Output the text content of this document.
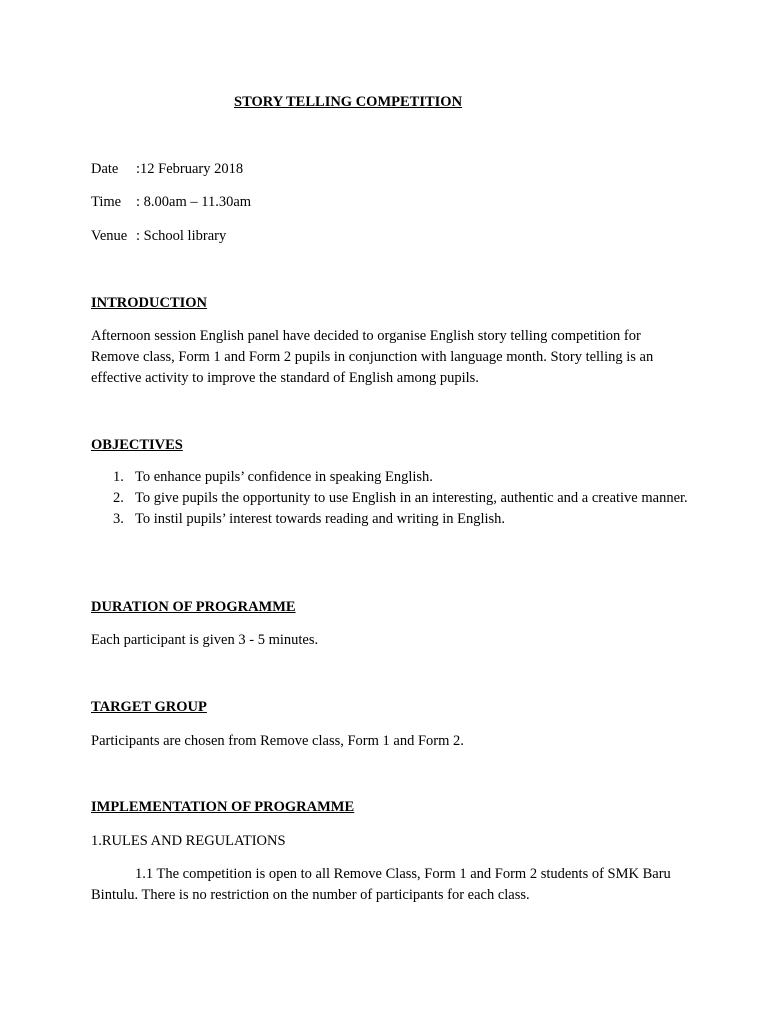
STORY TELLING COMPETITION
Date	:12 February 2018
Time	: 8.00am – 11.30am
Venue : School library
INTRODUCTION
Afternoon session English panel have decided to organise English story telling competition for Remove class, Form 1 and Form 2 pupils in conjunction with language month. Story telling is an effective activity to improve the standard of English among pupils.
OBJECTIVES
1. To enhance pupils’ confidence in speaking English.
2. To give pupils the opportunity to use English in an interesting, authentic and a creative manner.
3. To instil pupils’ interest towards reading and writing in English.
DURATION OF PROGRAMME
Each participant is given 3 - 5 minutes.
TARGET GROUP
Participants are chosen from Remove class, Form 1 and Form 2.
IMPLEMENTATION OF PROGRAMME
1.RULES AND REGULATIONS
1.1 The competition is open to all Remove Class, Form 1 and Form 2 students of SMK Baru Bintulu. There is no restriction on the number of participants for each class.
